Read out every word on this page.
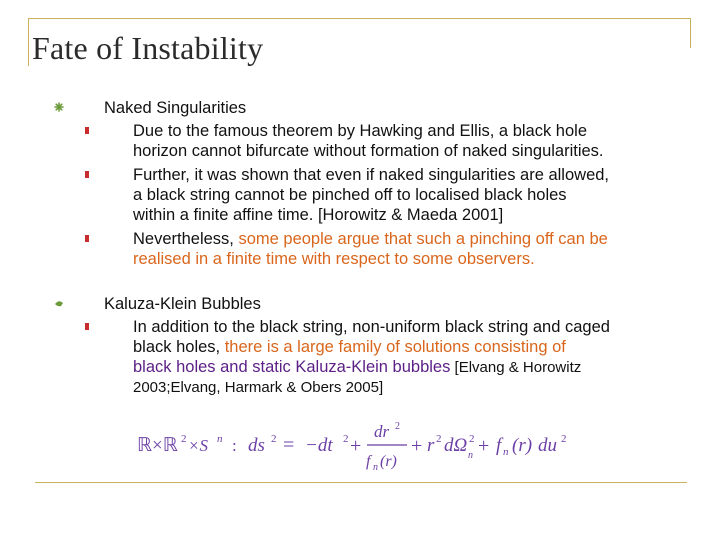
Fate of Instability
Naked Singularities
Due to the famous theorem by Hawking and Ellis, a black hole
horizon cannot bifurcate without formation of naked singularities.
Further, it was shown that even if naked singularities are allowed,
a black string cannot be pinched off to localised black holes
within a finite affine time. [Horowitz & Maeda 2001]
Nevertheless, some people argue that such a pinching off can be
realised in a finite time with respect to some observers.
Kaluza-Klein Bubbles
In addition to the black string, non-uniform black string and caged
black holes, there is a large family of solutions consisting of
black holes and static Kaluza-Klein bubbles [Elvang & Horowitz
2003;Elvang, Harmark & Obers 2005]
ℝ×ℝ 2 ×S n : ds 2 = −dt 2 +
dr 2
f n (r)
+ r 2 dΩ 2
n + f n (r) du 2
